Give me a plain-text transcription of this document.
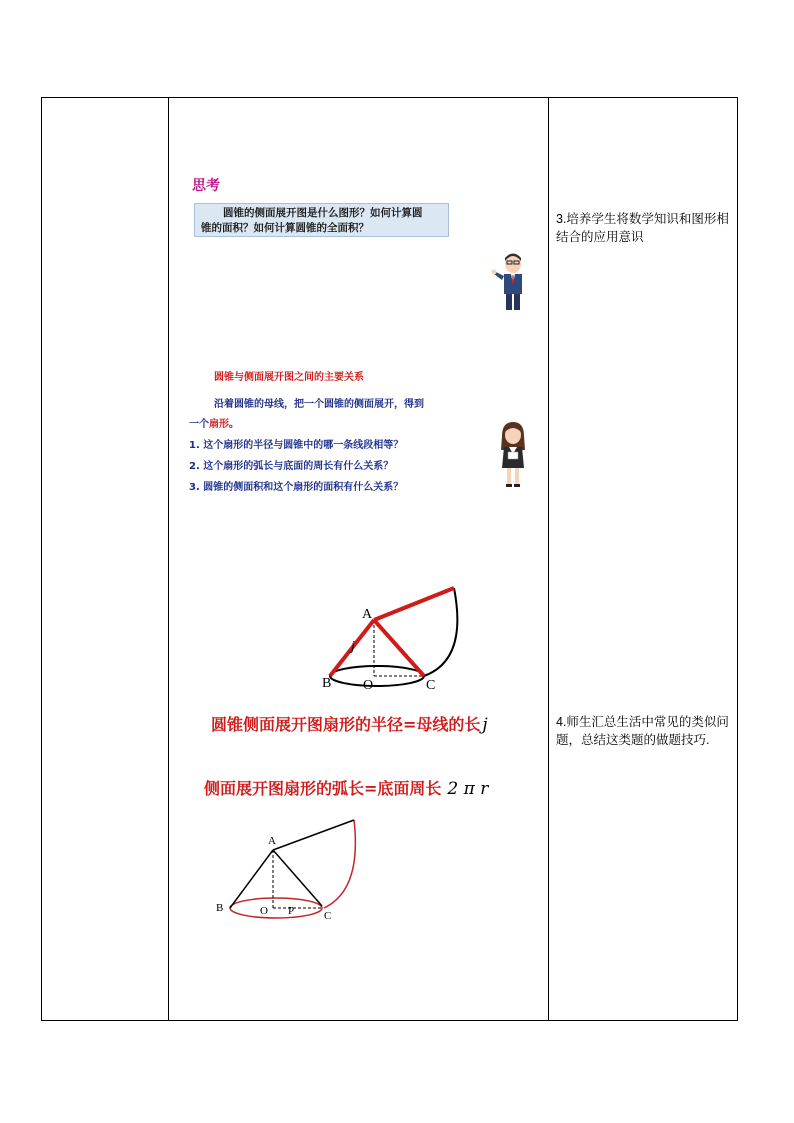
思考
圆锥的侧面展开图是什么图形？如何计算圆
锥的面积？如何计算圆锥的全面积？
圆锥与侧面展开图之间的主要关系
沿着圆锥的母线，把一个圆锥的侧面展开，得到
一个扇形。
1. 这个扇形的半径与圆锥中的哪一条线段相等？
2. 这个扇形的弧长与底面的周长有什么关系？
3. 圆锥的侧面积和这个扇形的面积有什么关系？
A
j
B O	C
圆锥侧面展开图扇形的半径=母线的长 j
侧面展开图扇形的弧长=底面周长 2 π r
A
B	O P	C
3.培养学生将数学知识和图形相结合的应用意识
4.师生汇总生活中常见的类似问题，总结这类题的做题技巧.
